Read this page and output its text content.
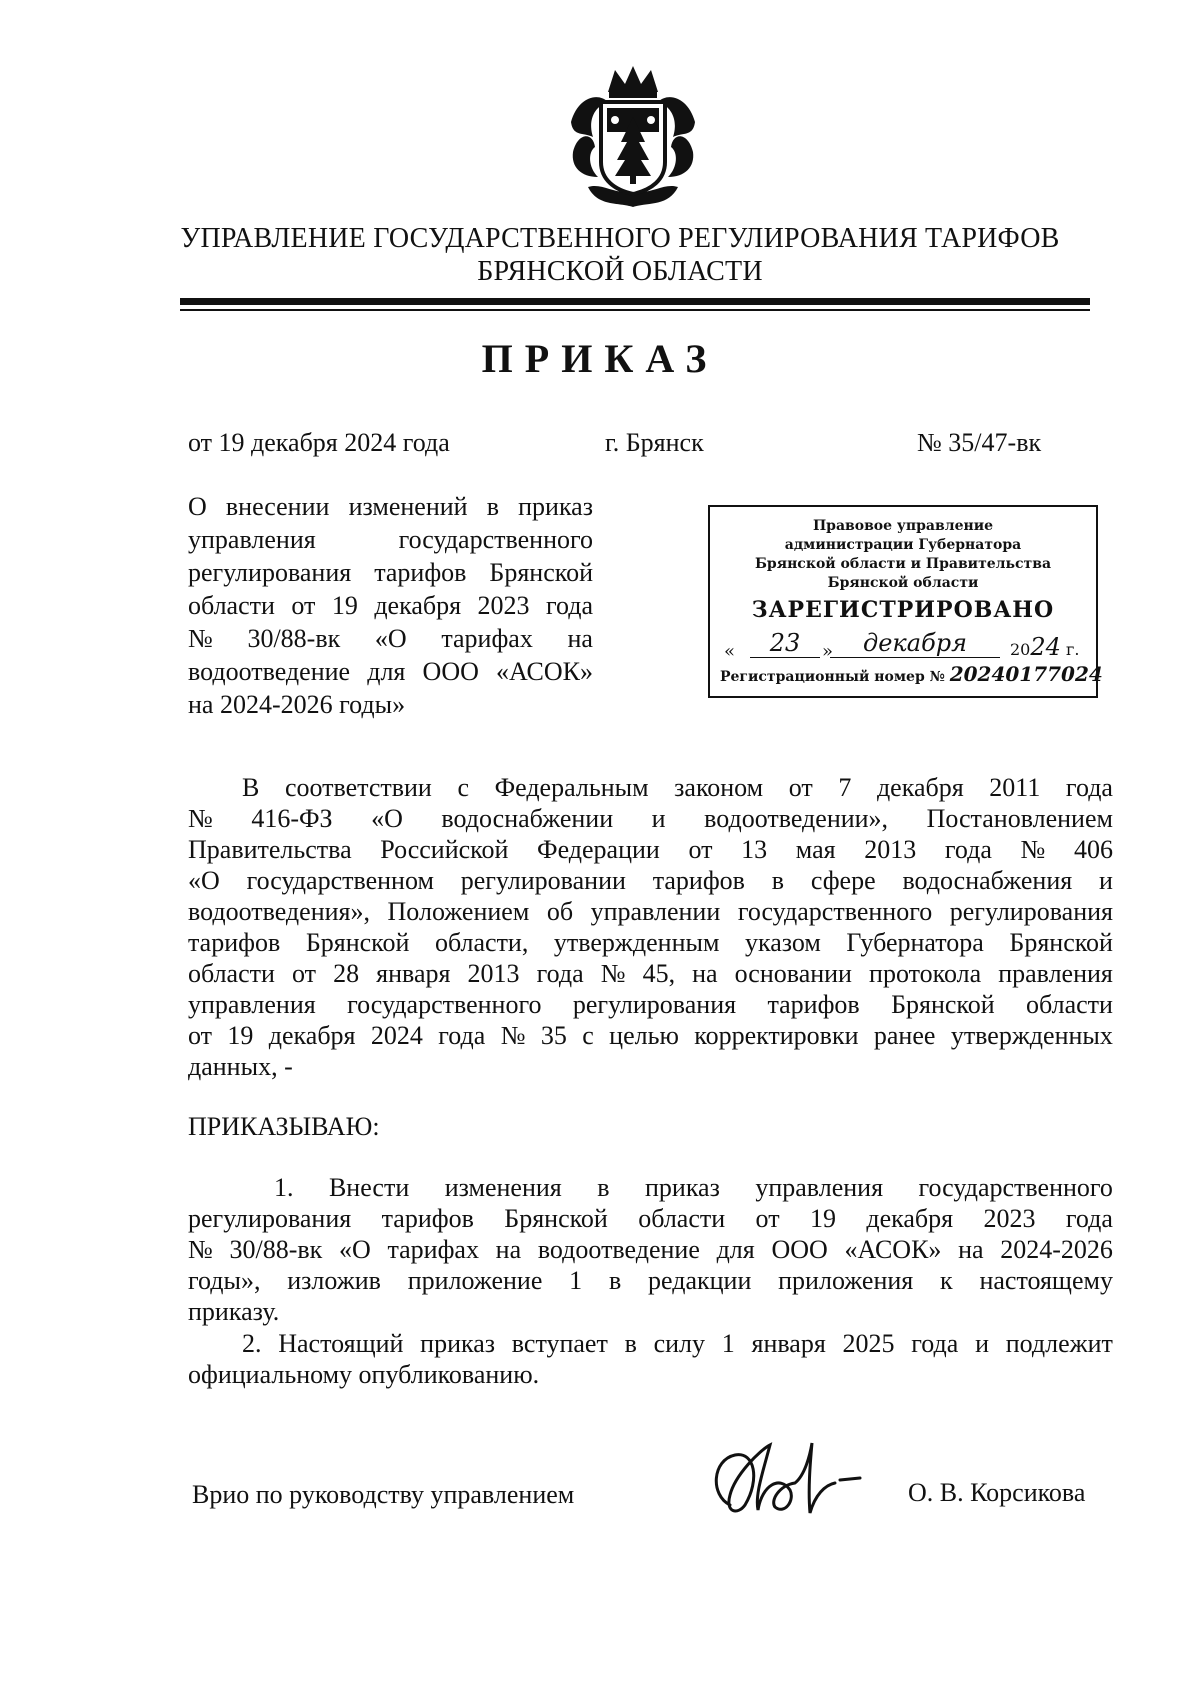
УПРАВЛЕНИЕ ГОСУДАРСТВЕННОГО РЕГУЛИРОВАНИЯ ТАРИФОВ
БРЯНСКОЙ ОБЛАСТИ
ПРИКАЗ
от 19 декабря 2024 года	г. Брянск	№ 35/47-вк
О внесении изменений в приказ
управления	государственного
регулирования тарифов Брянской
области от 19 декабря 2023 года
№ 30/88-вк «О тарифах на
водоотведение для ООО «АСОК»
на 2024-2026 годы»
Правовое управление
администрации Губернатора
Брянской области и Правительства
Брянской области
ЗАРЕГИСТРИРОВАНО
«	23	»	декабря	2024 г.
Регистрационный номер № 20240177024
В соответствии с Федеральным законом от 7 декабря 2011 года
№ 416-ФЗ «О водоснабжении и водоотведении», Постановлением
Правительства Российской Федерации от 13 мая 2013 года № 406
«О государственном регулировании тарифов в сфере водоснабжения и
водоотведения», Положением об управлении государственного регулирования
тарифов Брянской области, утвержденным указом Губернатора Брянской
области от 28 января 2013 года № 45, на основании протокола правления
управления государственного регулирования тарифов Брянской области
от 19 декабря 2024 года № 35 с целью корректировки ранее утвержденных
данных, -
ПРИКАЗЫВАЮ:
1. Внести изменения в приказ управления государственного
регулирования тарифов Брянской области от 19 декабря 2023 года
№ 30/88-вк «О тарифах на водоотведение для ООО «АСОК» на 2024-2026
годы», изложив приложение 1 в редакции приложения к настоящему
приказу.
2. Настоящий приказ вступает в силу 1 января 2025 года и подлежит
официальному опубликованию.
Врио по руководству управлением	О. В. Корсикова
